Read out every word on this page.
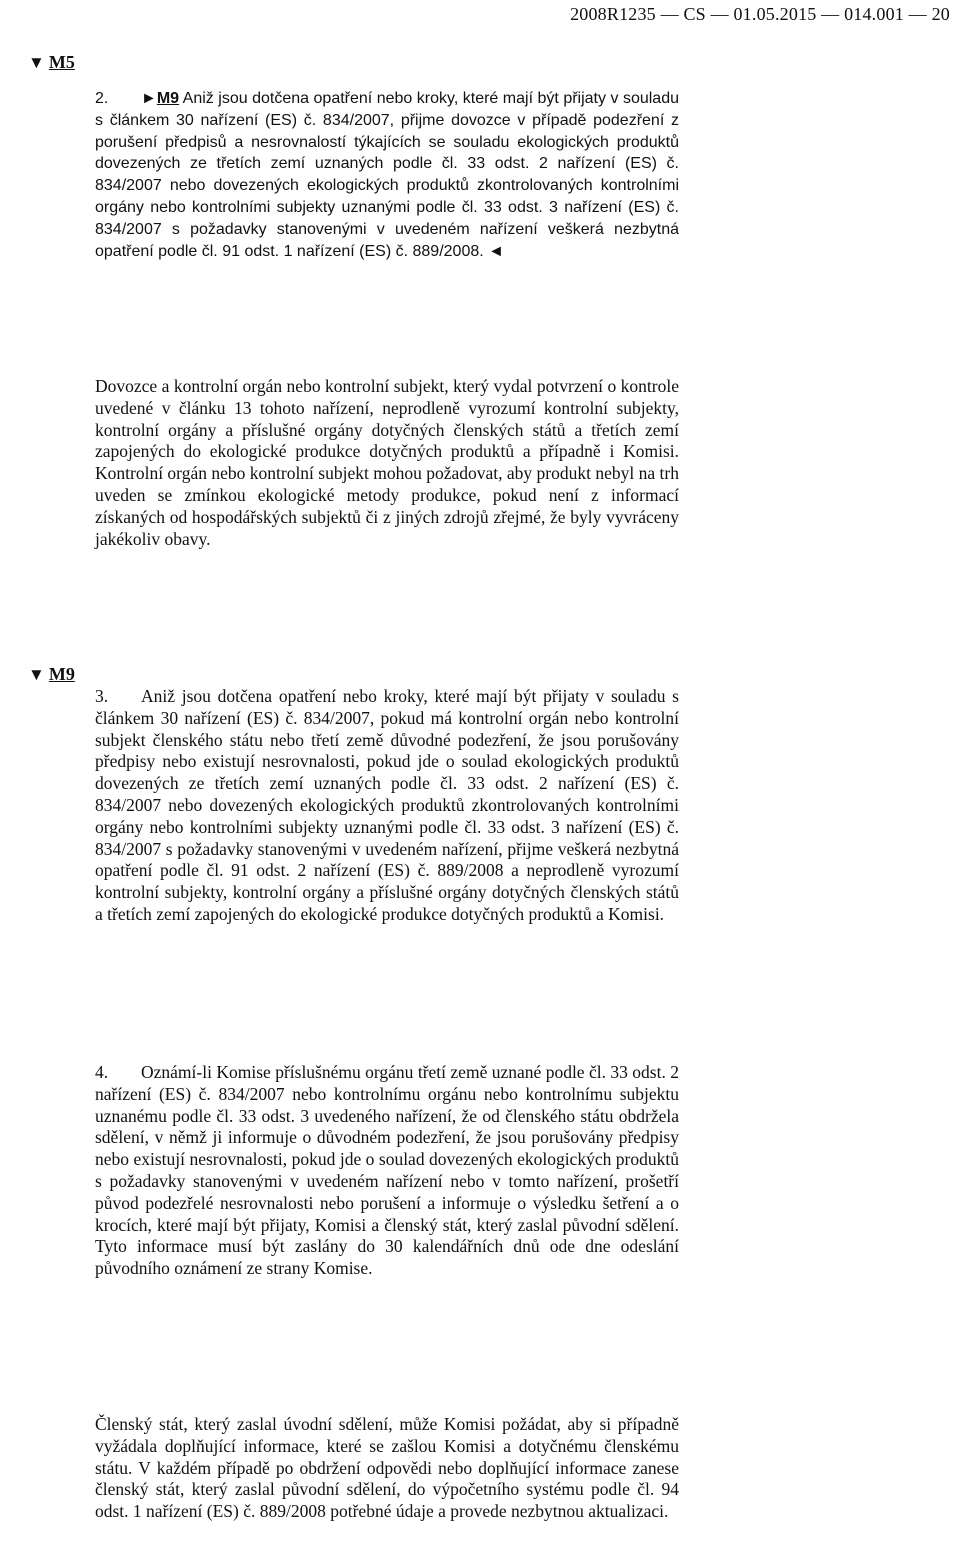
2008R1235 — CS — 01.05.2015 — 014.001 — 20
▼ M5
2. ►M9 Aniž jsou dotčena opatření nebo kroky, které mají být přijaty v souladu s článkem 30 nařízení (ES) č. 834/2007, přijme dovozce v případě podezření z porušení předpisů a nesrovnalostí týkajících se souladu ekologických produktů dovezených ze třetích zemí uznaných podle čl. 33 odst. 2 nařízení (ES) č. 834/2007 nebo dovezených ekologických produktů zkontrolovaných kontrolními orgány nebo kontrolními subjekty uznanými podle čl. 33 odst. 3 nařízení (ES) č. 834/2007 s požadavky stanovenými v uvedeném nařízení veškerá nezbytná opatření podle čl. 91 odst. 1 nařízení (ES) č. 889/2008. ◄
Dovozce a kontrolní orgán nebo kontrolní subjekt, který vydal potvrzení o kontrole uvedené v článku 13 tohoto nařízení, neprodleně vyrozumí kontrolní subjekty, kontrolní orgány a příslušné orgány dotyčných členských států a třetích zemí zapojených do ekologické produkce dotyčných produktů a případně i Komisi. Kontrolní orgán nebo kontrolní subjekt mohou požadovat, aby produkt nebyl na trh uveden se zmínkou ekologické metody produkce, pokud není z informací získaných od hospodářských subjektů či z jiných zdrojů zřejmé, že byly vyvráceny jakékoliv obavy.
▼ M9
3. Aniž jsou dotčena opatření nebo kroky, které mají být přijaty v souladu s článkem 30 nařízení (ES) č. 834/2007, pokud má kontrolní orgán nebo kontrolní subjekt členského státu nebo třetí země důvodné podezření, že jsou porušovány předpisy nebo existují nesrovnalosti, pokud jde o soulad ekologických produktů dovezených ze třetích zemí uznaných podle čl. 33 odst. 2 nařízení (ES) č. 834/2007 nebo dovezených ekologických produktů zkontrolovaných kontrolními orgány nebo kontrolními subjekty uznanými podle čl. 33 odst. 3 nařízení (ES) č. 834/2007 s požadavky stanovenými v uvedeném nařízení, přijme veškerá nezbytná opatření podle čl. 91 odst. 2 nařízení (ES) č. 889/2008 a neprodleně vyrozumí kontrolní subjekty, kontrolní orgány a příslušné orgány dotyčných členských států a třetích zemí zapojených do ekologické produkce dotyčných produktů a Komisi.
4. Oznámí-li Komise příslušnému orgánu třetí země uznané podle čl. 33 odst. 2 nařízení (ES) č. 834/2007 nebo kontrolnímu orgánu nebo kontrolnímu subjektu uznanému podle čl. 33 odst. 3 uvedeného nařízení, že od členského státu obdržela sdělení, v němž ji informuje o důvodném podezření, že jsou porušovány předpisy nebo existují nesrovnalosti, pokud jde o soulad dovezených ekologických produktů s požadavky stanovenými v uvedeném nařízení nebo v tomto nařízení, prošetří původ podezřelé nesrovnalosti nebo porušení a informuje o výsledku šetření a o krocích, které mají být přijaty, Komisi a členský stát, který zaslal původní sdělení. Tyto informace musí být zaslány do 30 kalendářních dnů ode dne odeslání původního oznámení ze strany Komise.
Členský stát, který zaslal úvodní sdělení, může Komisi požádat, aby si případně vyžádala doplňující informace, které se zašlou Komisi a dotyčnému členskému státu. V každém případě po obdržení odpovědi nebo doplňující informace zanese členský stát, který zaslal původní sdělení, do výpočetního systému podle čl. 94 odst. 1 nařízení (ES) č. 889/2008 potřebné údaje a provede nezbytnou aktualizaci.
